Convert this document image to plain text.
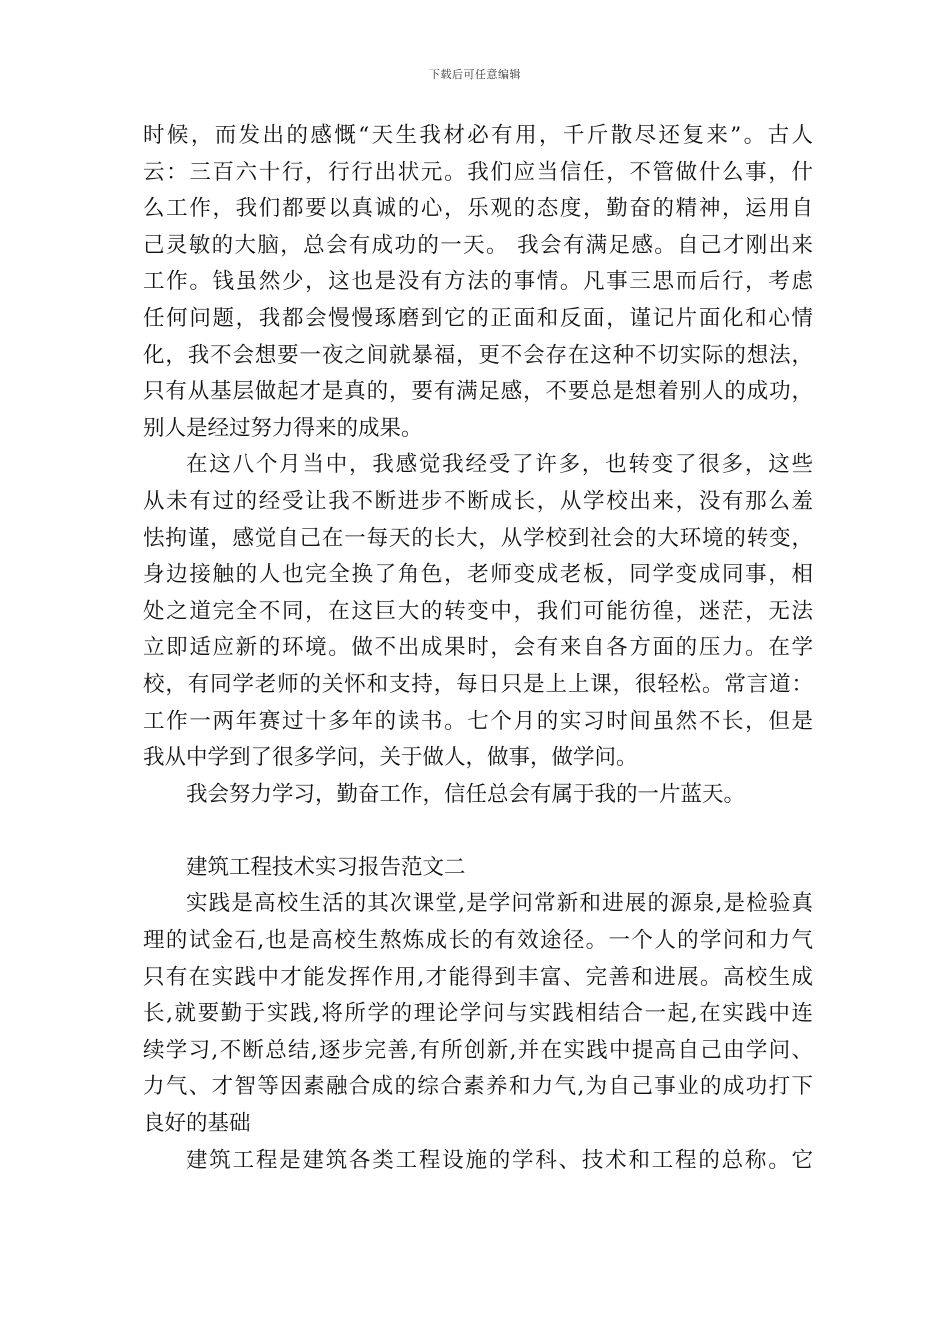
下载后可任意编辑
时候，而发出的感慨“天生我材必有用，千斤散尽还复来”。古人
云：三百六十行，行行出状元。我们应当信任，不管做什么事，什
么工作，我们都要以真诚的心，乐观的态度，勤奋的精神，运用自
己灵敏的大脑，总会有成功的一天。 我会有满足感。自己才刚出来
工作。钱虽然少，这也是没有方法的事情。凡事三思而后行，考虑
任何问题，我都会慢慢琢磨到它的正面和反面，谨记片面化和心情
化，我不会想要一夜之间就暴福，更不会存在这种不切实际的想法，
只有从基层做起才是真的，要有满足感，不要总是想着别人的成功，
别人是经过努力得来的成果。
在这八个月当中，我感觉我经受了许多，也转变了很多，这些
从未有过的经受让我不断进步不断成长，从学校出来，没有那么羞
怯拘谨，感觉自己在一每天的长大，从学校到社会的大环境的转变，
身边接触的人也完全换了角色，老师变成老板，同学变成同事，相
处之道完全不同，在这巨大的转变中，我们可能彷徨，迷茫，无法
立即适应新的环境。做不出成果时，会有来自各方面的压力。在学
校，有同学老师的关怀和支持，每日只是上上课，很轻松。常言道：
工作一两年赛过十多年的读书。七个月的实习时间虽然不长，但是
我从中学到了很多学问，关于做人，做事，做学问。
我会努力学习，勤奋工作，信任总会有属于我的一片蓝天。
建筑工程技术实习报告范文二
实践是高校生活的其次课堂,是学问常新和进展的源泉,是检验真
理的试金石,也是高校生熬炼成长的有效途径。一个人的学问和力气
只有在实践中才能发挥作用,才能得到丰富、完善和进展。高校生成
长,就要勤于实践,将所学的理论学问与实践相结合一起,在实践中连
续学习,不断总结,逐步完善,有所创新,并在实践中提高自己由学问、
力气、才智等因素融合成的综合素养和力气,为自己事业的成功打下
良好的基础
建筑工程是建筑各类工程设施的学科、技术和工程的总称。它
